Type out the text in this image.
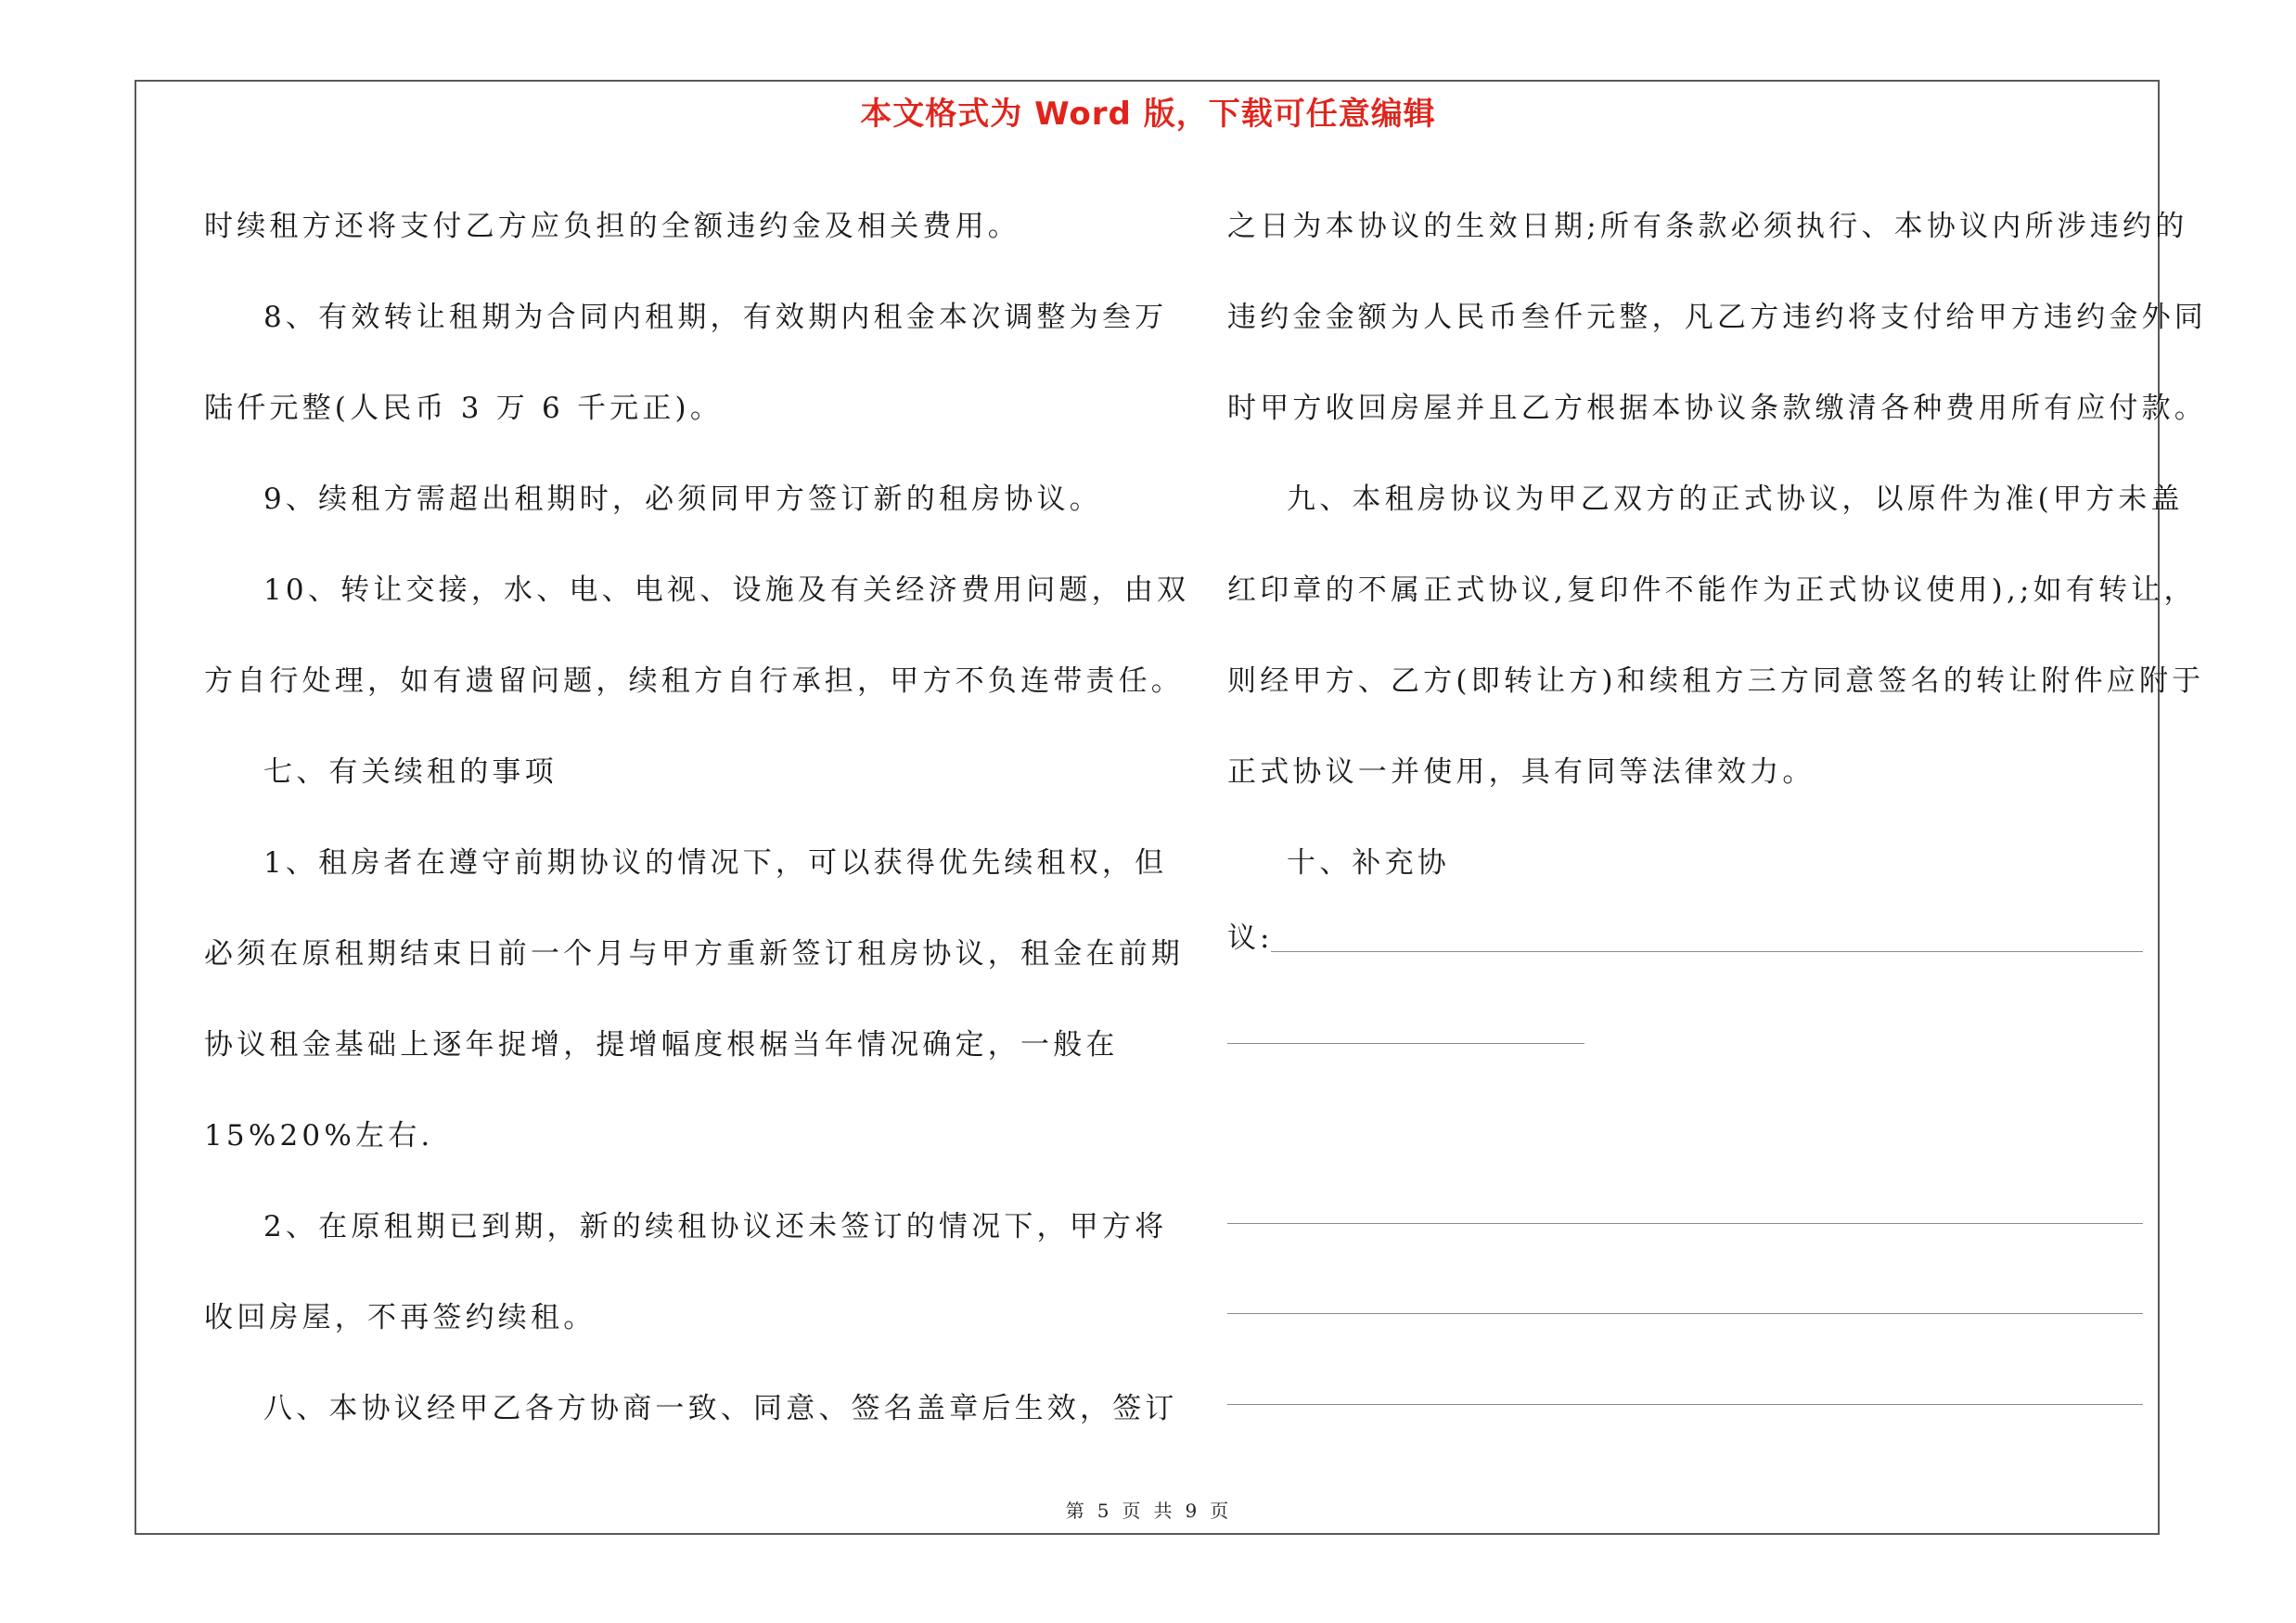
本文格式为 Word 版，下载可任意编辑

时续租方还将支付乙方应负担的全额违约金及相关费用。

8、有效转让租期为合同内租期，有效期内租金本次调整为叁万

陆仟元整(人民币 3 万 6 千元正)。

9、续租方需超出租期时，必须同甲方签订新的租房协议。

10、转让交接，水、电、电视、设施及有关经济费用问题，由双

方自行处理，如有遗留问题，续租方自行承担，甲方不负连带责任。

七、有关续租的事项

1、租房者在遵守前期协议的情况下，可以获得优先续租权，但

必须在原租期结束日前一个月与甲方重新签订租房协议，租金在前期

协议租金基础上逐年捉增，提增幅度根椐当年情况确定，一般在

15%20%左右.

2、在原租期已到期，新的续租协议还未签订的情况下，甲方将

收回房屋，不再签约续租。

八、本协议经甲乙各方协商一致、同意、签名盖章后生效，签订

之日为本协议的生效日期;所有条款必须执行、本协议内所涉违约的

违约金金额为人民币叁仟元整，凡乙方违约将支付给甲方违约金外同

时甲方收回房屋并且乙方根据本协议条款缴清各种费用所有应付款。

九、本租房协议为甲乙双方的正式协议，以原件为准(甲方未盖

红印章的不属正式协议,复印件不能作为正式协议使用),;如有转让，

则经甲方、乙方(即转让方)和续租方三方同意签名的转让附件应附于

正式协议一并使用，具有同等法律效力。

十、补充协

议:
第 5 页 共 9 页
